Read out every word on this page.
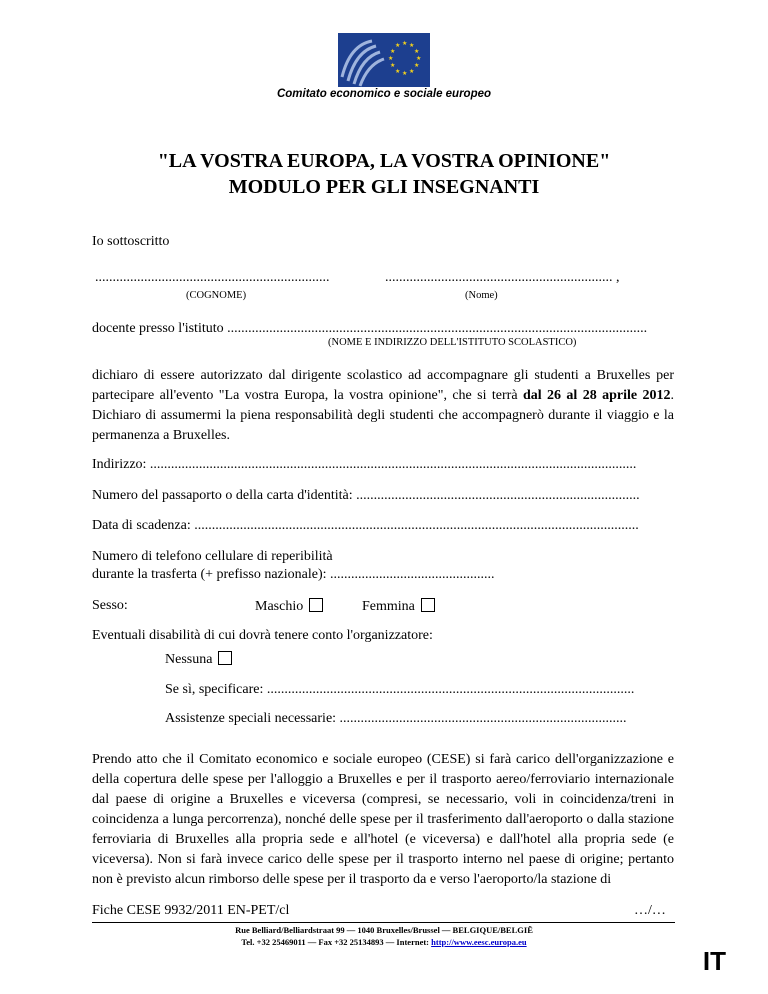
★ ★
★
★
★
★
★
★
★
★
★
★
Comitato economico e sociale europeo
"LA VOSTRA EUROPA, LA VOSTRA OPINIONE"
MODULO PER GLI INSEGNANTI
Io sottoscritto
...................................................................	................................................................. ,
(COGNOME)	(Nome)
docente presso l'istituto ........................................................................................................................
(NOME E INDIRIZZO DELL'ISTITUTO SCOLASTICO)
dichiaro di essere autorizzato dal dirigente scolastico ad accompagnare gli studenti a Bruxelles per partecipare all'evento "La vostra Europa, la vostra opinione", che si terrà dal 26 al 28 aprile 2012. Dichiaro di assumermi la piena responsabilità degli studenti che accompagnerò durante il viaggio e la permanenza a Bruxelles.
Indirizzo: ...........................................................................................................................................
Numero del passaporto o della carta d'identità: .................................................................................
Data di scadenza: ...............................................................................................................................
Numero di telefono cellulare di reperibilità
durante la trasferta (+ prefisso nazionale): ...............................................
Sesso:	Maschio	Femmina
Eventuali disabilità di cui dovrà tenere conto l'organizzatore:
Nessuna
Se sì, specificare: .........................................................................................................
Assistenze speciali necessarie: ..................................................................................
Prendo atto che il Comitato economico e sociale europeo (CESE) si farà carico dell'organizzazione e della copertura delle spese per l'alloggio a Bruxelles e per il trasporto aereo/ferroviario internazionale dal paese di origine a Bruxelles e viceversa (compresi, se necessario, voli in coincidenza/treni in coincidenza a lunga percorrenza), nonché delle spese per il trasferimento dall'aeroporto o dalla stazione ferroviaria di Bruxelles alla propria sede e all'hotel (e viceversa) e dall'hotel alla propria sede (e viceversa). Non si farà invece carico delle spese per il trasporto interno nel paese di origine; pertanto non è previsto alcun rimborso delle spese per il trasporto da e verso l'aeroporto/la stazione di
Fiche CESE 9932/2011 EN-PET/cl	…/…
Rue Belliard/Belliardstraat 99 — 1040 Bruxelles/Brussel — BELGIQUE/BELGIË
Tel. +32 25469011 — Fax +32 25134893 — Internet: http://www.eesc.europa.eu
IT
